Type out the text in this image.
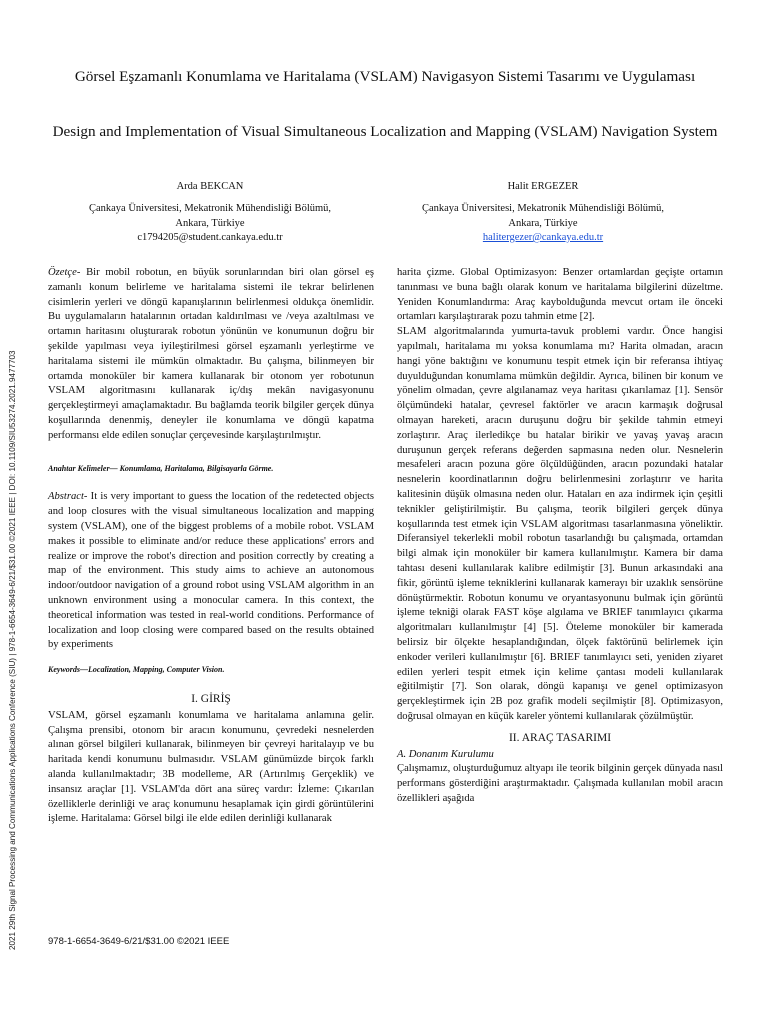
2021 29th Signal Processing and Communications Applications Conference (SIU) | 978-1-6654-3649-6/21/$31.00 ©2021 IEEE | DOI: 10.1109/SIU53274.2021.9477703
Görsel Eşzamanlı Konumlama ve Haritalama (VSLAM) Navigasyon Sistemi Tasarımı ve Uygulaması
Design and Implementation of Visual Simultaneous Localization and Mapping (VSLAM) Navigation System
Arda BEKCAN
Çankaya Üniversitesi, Mekatronik Mühendisliği Bölümü,
Ankara, Türkiye
c1794205@student.cankaya.edu.tr
Halit ERGEZER
Çankaya Üniversitesi, Mekatronik Mühendisliği Bölümü,
Ankara, Türkiye
halitergezer@cankaya.edu.tr

Özetçe- Bir mobil robotun, en büyük sorunlarından biri olan görsel eş zamanlı konum belirleme ve haritalama sistemi ile tekrar belirlenen cisimlerin yerleri ve döngü kapanışlarının belirlenmesi oldukça önemlidir. Bu uygulamaların hatalarının ortadan kaldırılması ve /veya azaltılması ve ortamın haritasını oluşturarak robotun yönünün ve konumunun doğru bir şekilde yapılması veya iyileştirilmesi görsel eşzamanlı yerleştirme ve haritalama sistemi ile mümkün olmaktadır. Bu çalışma, bilinmeyen bir ortamda monoküler bir kamera kullanarak bir otonom yer robotunun VSLAM algoritmasını kullanarak iç/dış mekân navigasyonunu gerçekleştirmeyi amaçlamaktadır. Bu bağlamda teorik bilgiler gerçek dünya koşullarında denenmiş, deneyler ile konumlama ve döngü kapatma performansı elde edilen sonuçlar çerçevesinde karşılaştırılmıştır.

Anahtar Kelimeler— Konumlama, Haritalama, Bilgisayarla Görme.

Abstract- It is very important to guess the location of the redetected objects and loop closures with the visual simultaneous localization and mapping system (VSLAM), one of the biggest problems of a mobile robot. VSLAM makes it possible to eliminate and/or reduce these applications' errors and realize or improve the robot's direction and position correctly by creating a map of the environment. This study aims to achieve an autonomous indoor/outdoor navigation of a ground robot using VSLAM algorithm in an unknown environment using a monocular camera. In this context, the theoretical information was tested in real-world conditions. Performance of localization and loop closing were compared based on the results obtained by experiments

Keywords—Localization, Mapping, Computer Vision.
I. GİRİŞ

VSLAM, görsel eşzamanlı konumlama ve haritalama anlamına gelir. Çalışma prensibi, otonom bir aracın konumunu, çevredeki nesnelerden alınan görsel bilgileri kullanarak, bilinmeyen bir çevreyi haritalayıp ve bu haritada kendi konumunu bulmasıdır. VSLAM günümüzde birçok farklı alanda kullanılmaktadır; 3B modelleme, AR (Artırılmış Gerçeklik) ve insansız araçlar [1]. VSLAM'da dört ana süreç vardır: İzleme: Çıkarılan özelliklerle derinliği ve araç konumunu hesaplamak için girdi görüntülerini işleme. Haritalama: Görsel bilgi ile elde edilen derinliği kullanarak

harita çizme. Global Optimizasyon: Benzer ortamlardan geçişte ortamın tanınması ve buna bağlı olarak konum ve haritalama bilgilerini düzeltme. Yeniden Konumlandırma: Araç kaybolduğunda mevcut ortam ile önceki ortamları karşılaştırarak pozu tahmin etme [2].

SLAM algoritmalarında yumurta-tavuk problemi vardır. Önce hangisi yapılmalı, haritalama mı yoksa konumlama mı? Harita olmadan, aracın hangi yöne baktığını ve konumunu tespit etmek için bir referansa ihtiyaç duyulduğundan konumlama mümkün değildir. Ayrıca, bilinen bir konum ve yönelim olmadan, çevre algılanamaz veya haritası çıkarılamaz [1]. Sensör ölçümündeki hatalar, çevresel faktörler ve aracın karmaşık doğrusal olmayan hareketi, aracın duruşunu doğru bir şekilde tahmin etmeyi zorlaştırır. Araç ilerledikçe bu hatalar birikir ve yavaş yavaş aracın duruşunun gerçek referans değerden sapmasına neden olur. Nesnelerin mesafeleri aracın pozuna göre ölçüldüğünden, aracın pozundaki hatalar nesnelerin koordinatlarının doğru belirlenmesini zorlaştırır ve harita kalitesinin düşük olmasına neden olur. Hataları en aza indirmek için çeşitli teknikler geliştirilmiştir. Bu çalışma, teorik bilgileri gerçek dünya koşullarında test etmek için VSLAM algoritması tasarlanmasına yöneliktir. Diferansiyel tekerlekli mobil robotun tasarlandığı bu çalışmada, ortamdan bilgi almak için monoküler bir kamera kullanılmıştır. Kamera bir dama tahtası deseni kullanılarak kalibre edilmiştir [3]. Bunun arkasındaki ana fikir, görüntü işleme tekniklerini kullanarak kamerayı bir uzaklık sensörüne dönüştürmektir. Robotun konumu ve oryantasyonunu bulmak için görüntü işleme tekniği olarak FAST köşe algılama ve BRIEF tanımlayıcı çıkarma algoritmaları kullanılmıştır [4] [5]. Öteleme monoküler bir kamerada belirsiz bir ölçekte hesaplandığından, ölçek faktörünü belirlemek için enkoder verileri kullanılmıştır [6]. BRIEF tanımlayıcı seti, yeniden ziyaret edilen yerleri tespit etmek için kelime çantası modeli kullanılarak eğitilmiştir [7]. Son olarak, döngü kapanışı ve genel optimizasyon gerçekleştirmek için 2B poz grafik modeli seçilmiştir [8]. Optimizasyon, doğrusal olmayan en küçük kareler yöntemi kullanılarak çözülmüştür.

II. ARAÇ TASARIMI
A. Donanım Kurulumu

Çalışmamız, oluşturduğumuz altyapı ile teorik bilginin gerçek dünyada nasıl performans gösterdiğini araştırmaktadır. Çalışmada kullanılan mobil aracın özellikleri aşağıda

978-1-6654-3649-6/21/$31.00 ©2021 IEEE
